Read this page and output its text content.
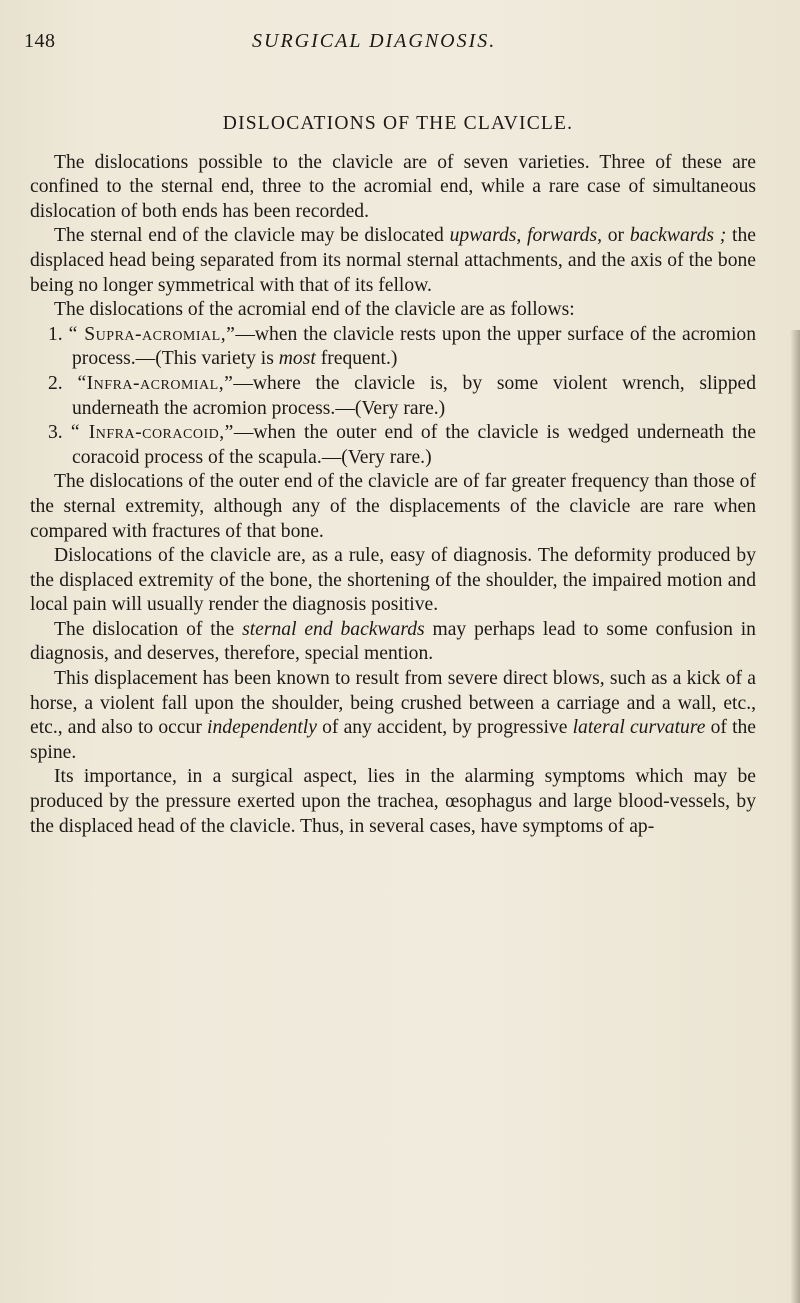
148	SURGICAL DIAGNOSIS.
DISLOCATIONS OF THE CLAVICLE.

The dislocations possible to the clavicle are of seven varieties. Three of these are confined to the sternal end, three to the acromial end, while a rare case of simultaneous dislocation of both ends has been recorded.

The sternal end of the clavicle may be dislocated upwards, forwards, or backwards ; the displaced head being separated from its normal sternal attachments, and the axis of the bone being no longer symmetrical with that of its fellow.

The dislocations of the acromial end of the clavicle are as follows:

1. “ Supra-acromial,”—when the clavicle rests upon the upper surface of the acromion process.—(This variety is most frequent.)

2. “Infra-acromial,”—where the clavicle is, by some violent wrench, slipped underneath the acromion process.—(Very rare.)

3. “ Infra-coracoid,”—when the outer end of the clavicle is wedged underneath the coracoid process of the scapula.—(Very rare.)

The dislocations of the outer end of the clavicle are of far greater frequency than those of the sternal extremity, although any of the displacements of the clavicle are rare when compared with fractures of that bone.

Dislocations of the clavicle are, as a rule, easy of diagnosis. The deformity produced by the displaced extremity of the bone, the shortening of the shoulder, the impaired motion and local pain will usually render the diagnosis positive.

The dislocation of the sternal end backwards may perhaps lead to some confusion in diagnosis, and deserves, therefore, special mention.

This displacement has been known to result from severe direct blows, such as a kick of a horse, a violent fall upon the shoulder, being crushed between a carriage and a wall, etc., etc., and also to occur independently of any accident, by progressive lateral curvature of the spine.

Its importance, in a surgical aspect, lies in the alarming symptoms which may be produced by the pressure exerted upon the trachea, œsophagus and large blood-vessels, by the displaced head of the clavicle. Thus, in several cases, have symptoms of ap-
